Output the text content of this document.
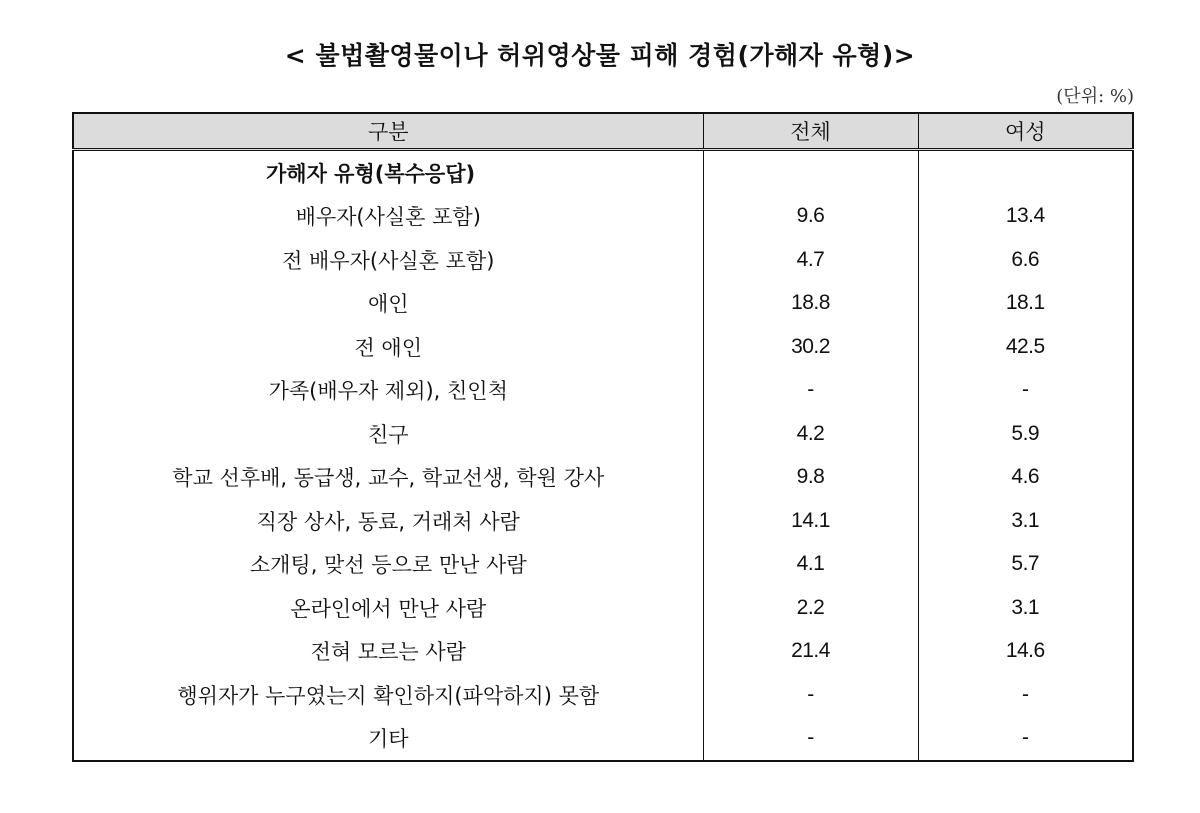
< 불법촬영물이나 허위영상물 피해 경험(가해자 유형)>
(단위: %)
구분	전체	여성
가해자 유형(복수응답)		
배우자(사실혼 포함)	9.6	13.4
전 배우자(사실혼 포함)	4.7	6.6
애인	18.8	18.1
전 애인	30.2	42.5
가족(배우자 제외), 친인척	-	-
친구	4.2	5.9
학교 선후배, 동급생, 교수, 학교선생, 학원 강사	9.8	4.6
직장 상사, 동료, 거래처 사람	14.1	3.1
소개팅, 맞선 등으로 만난 사람	4.1	5.7
온라인에서 만난 사람	2.2	3.1
전혀 모르는 사람	21.4	14.6
행위자가 누구였는지 확인하지(파악하지) 못함	-	-
기타	-	-
